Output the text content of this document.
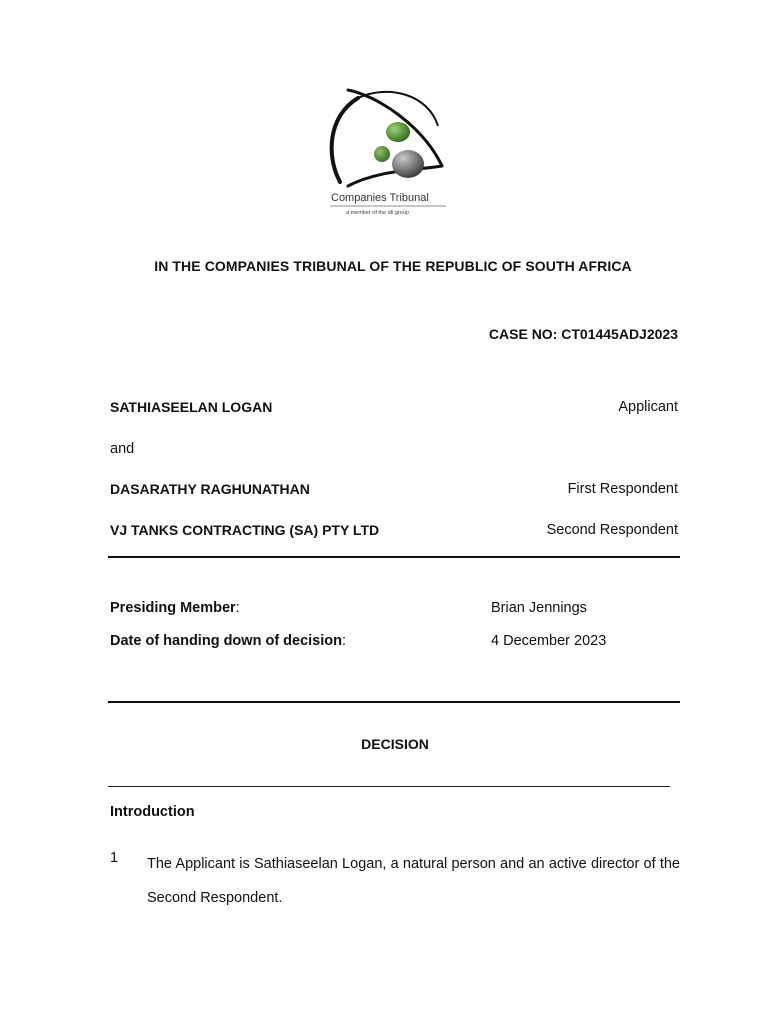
Companies Tribunal
a member of the dti group
IN THE COMPANIES TRIBUNAL OF THE REPUBLIC OF SOUTH AFRICA
CASE NO: CT01445ADJ2023
SATHIASEELAN LOGAN	Applicant
and
DASARATHY RAGHUNATHAN	First Respondent
VJ TANKS CONTRACTING (SA) PTY LTD	Second Respondent
Presiding Member:	Brian Jennings
Date of handing down of decision:	4 December 2023
DECISION
Introduction
1 The Applicant is Sathiaseelan Logan, a natural person and an active director of the Second Respondent.
